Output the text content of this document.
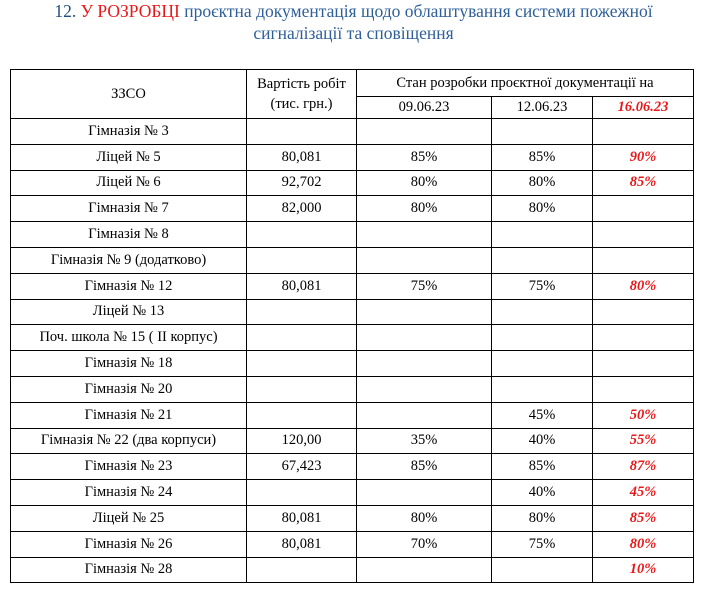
12. У РОЗРОБЦІ проєктна документація щодо облаштування системи пожежної
сигналізації та сповіщення
ЗЗСО	Вартість робіт
(тис. грн.)	Стан розробки проєктної документації на		
		09.06.23	12.06.23	16.06.23
Гімназія № 3				
Ліцей № 5	80,081	85%	85%	90%
Ліцей № 6	92,702	80%	80%	85%
Гімназія № 7	82,000	80%	80%	
Гімназія № 8				
Гімназія № 9 (додатково)				
Гімназія № 12	80,081	75%	75%	80%
Ліцей № 13				
Поч. школа № 15 ( ІІ корпус)				
Гімназія № 18				
Гімназія № 20				
Гімназія № 21			45%	50%
Гімназія № 22 (два корпуси)	120,00	35%	40%	55%
Гімназія № 23	67,423	85%	85%	87%
Гімназія № 24			40%	45%
Ліцей № 25	80,081	80%	80%	85%
Гімназія № 26	80,081	70%	75%	80%
Гімназія № 28				10%
